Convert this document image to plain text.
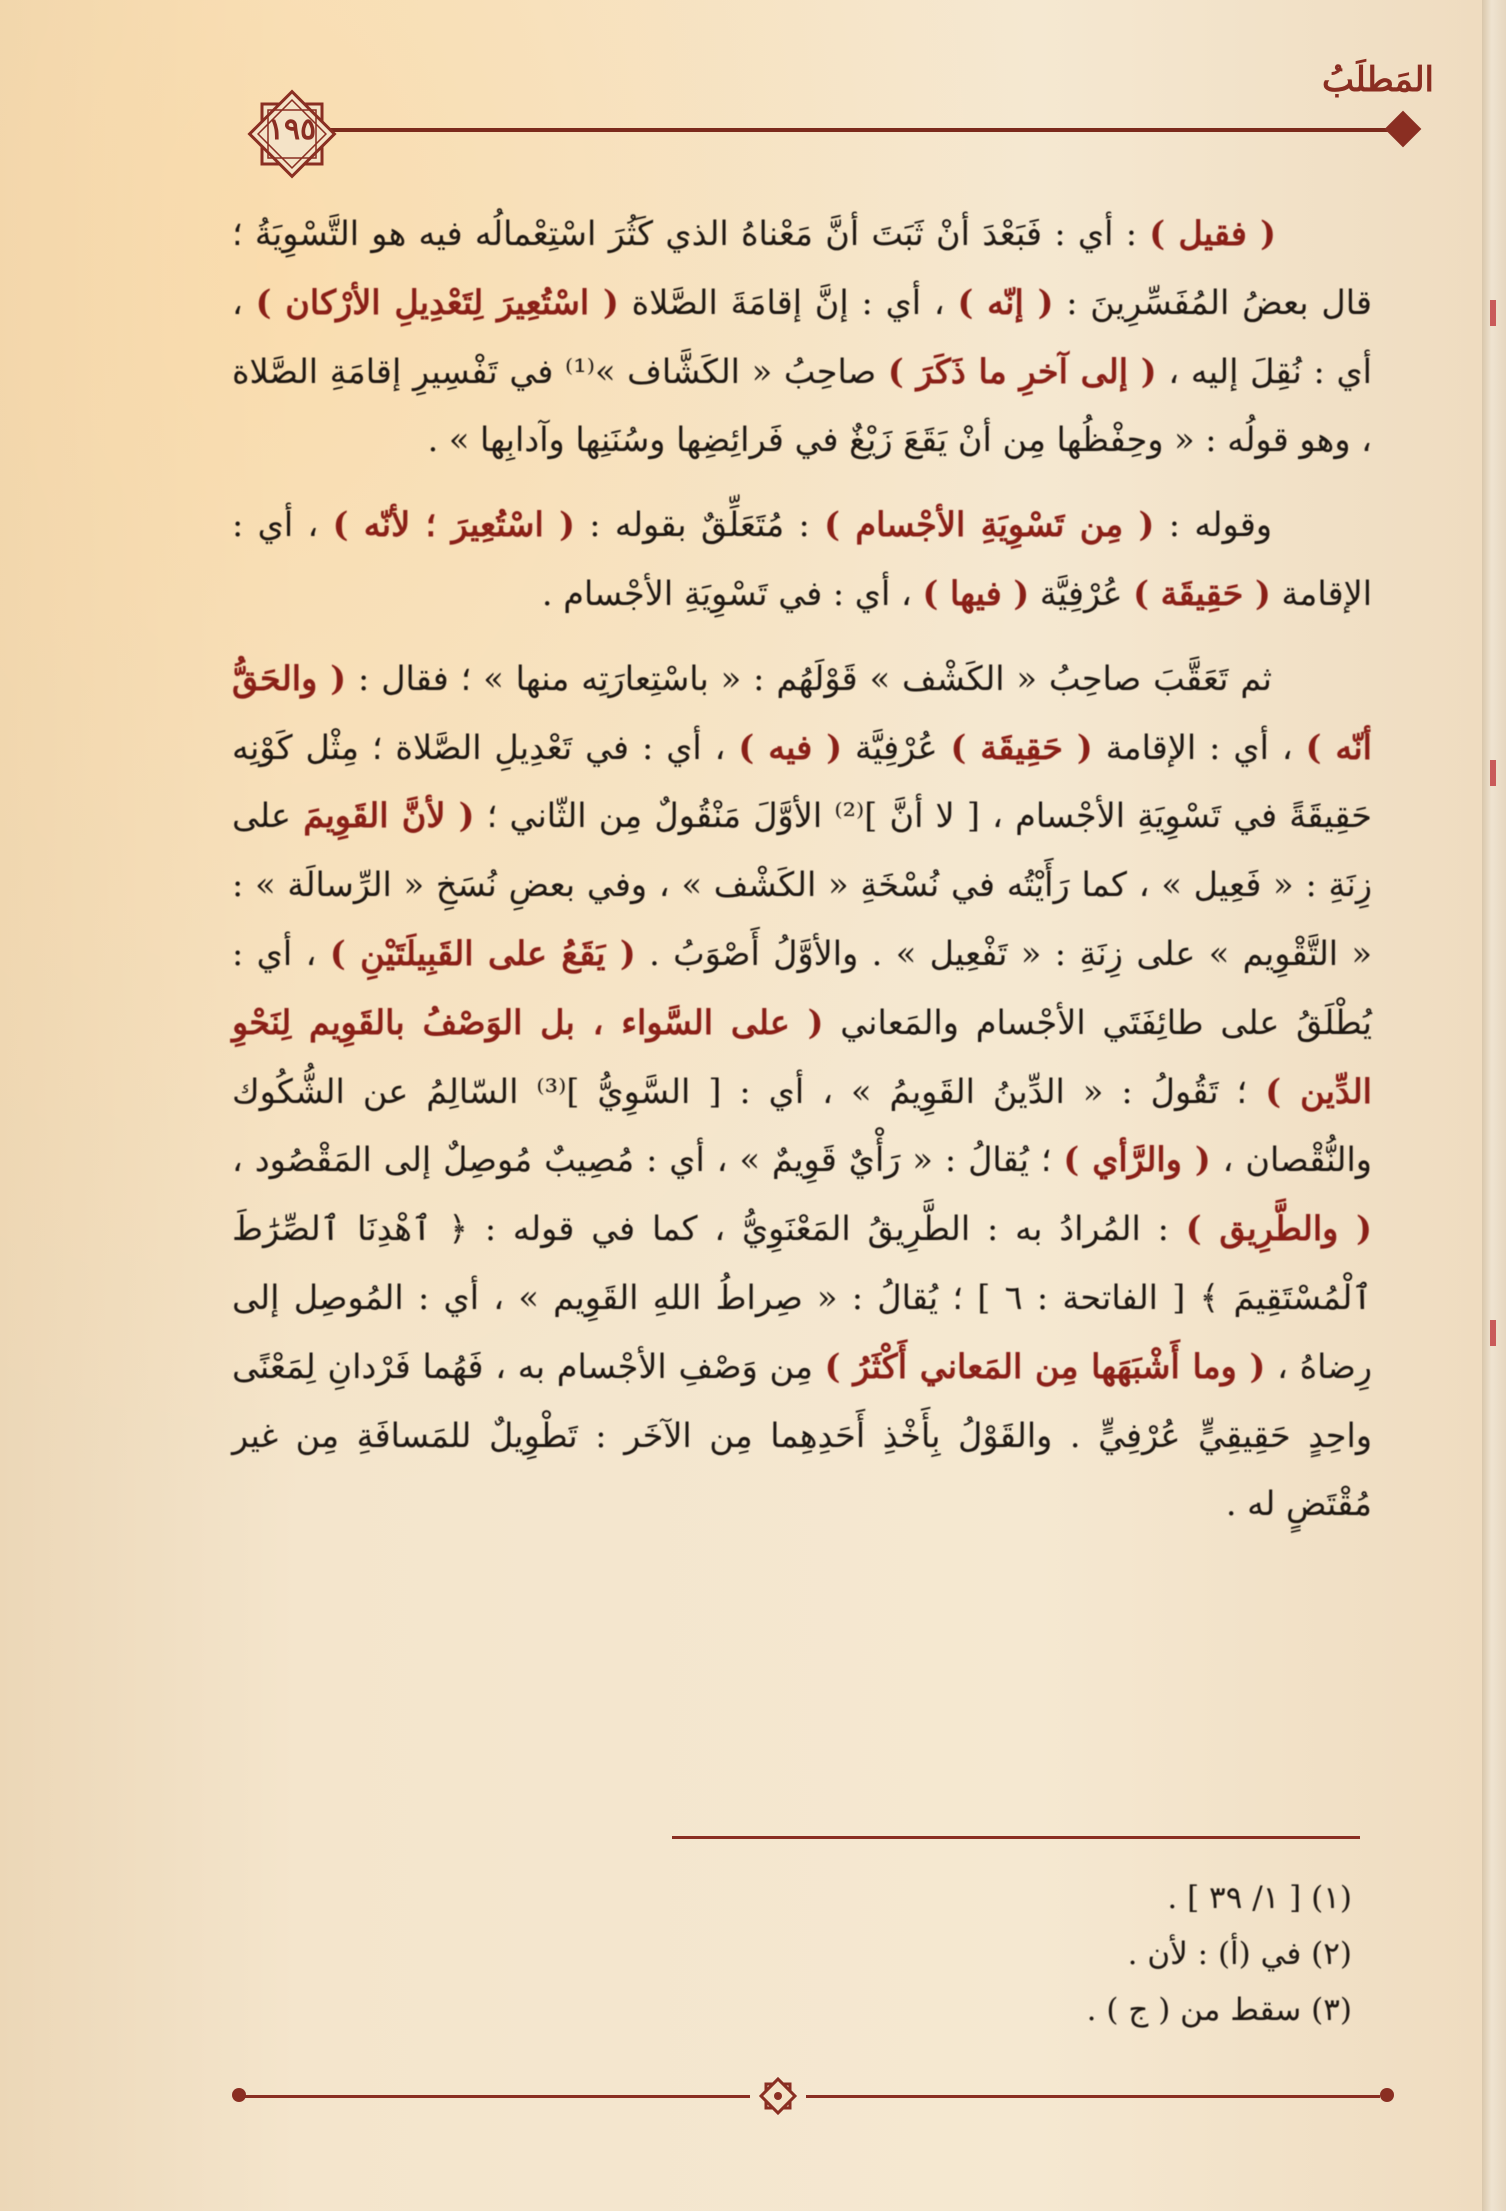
المَطلَبُ
١٩٥

( فقيل ) : أي : فَبَعْدَ أنْ ثَبَتَ أنَّ مَعْناهُ الذي كَثُرَ اسْتِعْمالُه فيه هو التَّسْوِيَةُ ؛ قال بعضُ المُفَسِّرِينَ : ( إنّه ) ، أي : إنَّ إقامَةَ الصَّلاة ( اسْتُعِيرَ لِتَعْدِيلِ الأرْكان ) ، أي : نُقِلَ إليه ، ( إلى آخرِ ما ذَكَرَ ) صاحِبُ « الكَشَّاف »⁽¹⁾ في تَفْسِيرِ إقامَةِ الصَّلاة ، وهو قولُه : « وحِفْظُها مِن أنْ يَقَعَ زَيْغٌ في فَرائِضِها وسُنَنِها وآدابِها » .

وقوله : ( مِن تَسْوِيَةِ الأجْسام ) : مُتَعَلِّقٌ بقوله : ( اسْتُعِيرَ ؛ لأنّه ) ، أي : الإقامة ( حَقِيقَة ) عُرْفِيَّة ( فيها ) ، أي : في تَسْوِيَةِ الأجْسام .

ثم تَعَقَّبَ صاحِبُ « الكَشْف » قَوْلَهُم : « باسْتِعارَتِه منها » ؛ فقال : ( والحَقُّ أنّه ) ، أي : الإقامة ( حَقِيقَة ) عُرْفِيَّة ( فيه ) ، أي : في تَعْدِيلِ الصَّلاة ؛ مِثْل كَوْنِه حَقِيقَةً في تَسْوِيَةِ الأجْسام ، [ لا أنَّ ]⁽²⁾ الأوَّلَ مَنْقُولٌ مِن الثّاني ؛ ( لأنَّ القَوِيمَ على زِنَةِ : « فَعِيل » ، كما رَأَيْتُه في نُسْخَةِ « الكَشْف » ، وفي بعضِ نُسَخِ « الرِّسالَة » : « التَّقْوِيم » على زِنَةِ : « تَفْعِيل » . والأوَّلُ أَصْوَبُ . ( يَقَعُ على القَبِيلَتَيْنِ ) ، أي : يُطْلَقُ على طائِفَتَي الأجْسام والمَعاني ( على السَّواء ، بل الوَصْفُ بالقَوِيم لِنَحْوِ الدِّين ) ؛ تَقُولُ : « الدِّينُ القَوِيمُ » ، أي : [ السَّوِيُّ ]⁽³⁾ السّالِمُ عن الشُّكُوك والنُّقْصان ، ( والرَّأي ) ؛ يُقالُ : « رَأْيٌ قَوِيمٌ » ، أي : مُصِيبٌ مُوصِلٌ إلى المَقْصُود ، ( والطَّرِيق ) : المُرادُ به : الطَّرِيقُ المَعْنَوِيُّ ، كما في قوله : ﴿ ٱهْدِنَا ٱلصِّرَٰطَ ٱلْمُسْتَقِيمَ ﴾ [ الفاتحة : ٦ ] ؛ يُقالُ : « صِراطُ اللهِ القَوِيم » ، أي : المُوصِل إلى رِضاهُ ، ( وما أَشْبَهَها مِن المَعاني أَكْثَرُ ) مِن وَصْفِ الأجْسام به ، فَهُما فَرْدانِ لِمَعْنًى واحِدٍ حَقِيقِيٍّ عُرْفِيٍّ . والقَوْلُ بِأَخْذِ أَحَدِهِما مِن الآخَر : تَطْوِيلٌ للمَسافَةِ مِن غير مُقْتَضٍ له .

(١) [ ١/ ٣٩ ] .
(٢) في (أ) : لأن .
(٣) سقط من ( ج ) .
